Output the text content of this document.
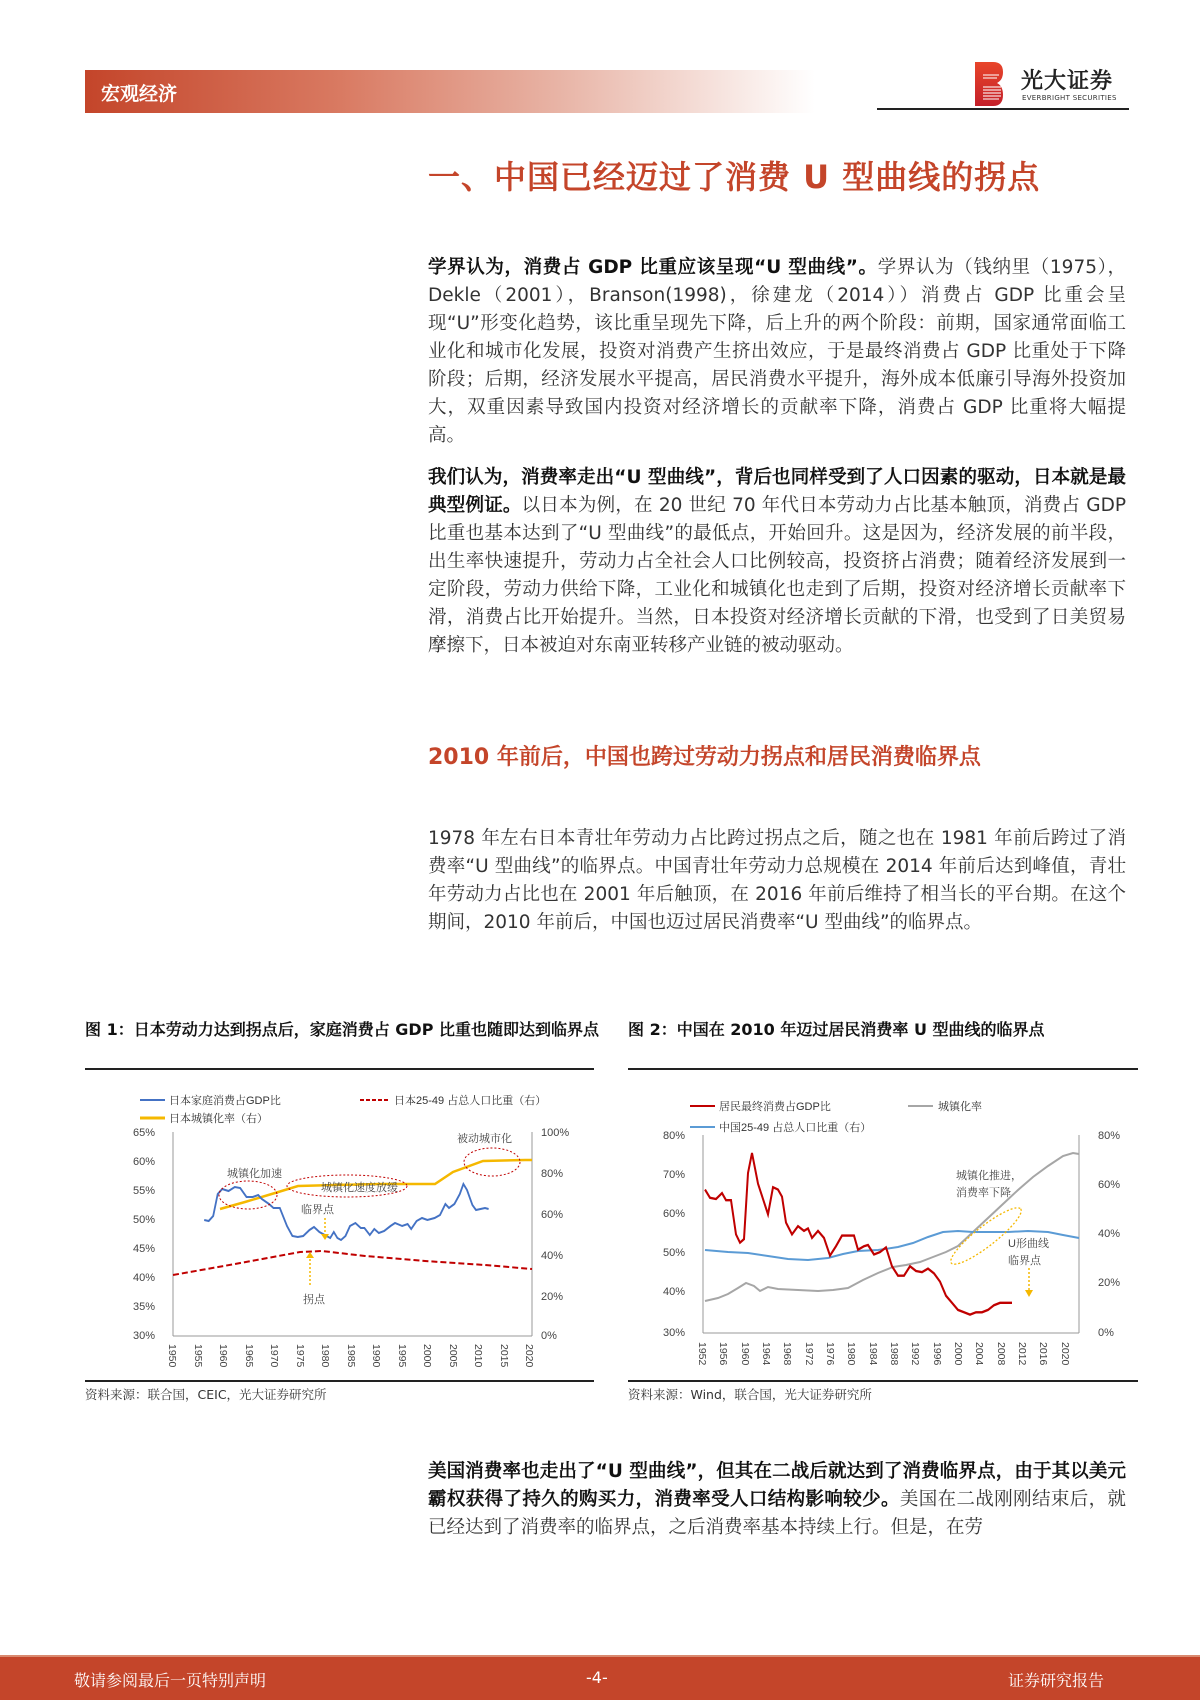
宏观经济	光大证券
EVERBRIGHT SECURITIES
一、中国已经迈过了消费 U 型曲线的拐点
学界认为，消费占 GDP 比重应该呈现“U 型曲线”。学界认为（钱纳里（1975），Dekle（2001），Branson(1998)，徐建龙（2014））消费占 GDP 比重会呈现“U”形变化趋势，该比重呈现先下降，后上升的两个阶段：前期，国家通常面临工业化和城市化发展，投资对消费产生挤出效应，于是最终消费占 GDP 比重处于下降阶段；后期，经济发展水平提高，居民消费水平提升，海外成本低廉引导海外投资加大，双重因素导致国内投资对经济增长的贡献率下降，消费占 GDP 比重将大幅提高。
我们认为，消费率走出“U 型曲线”，背后也同样受到了人口因素的驱动，日本就是最典型例证。以日本为例，在 20 世纪 70 年代日本劳动力占比基本触顶，消费占 GDP 比重也基本达到了“U 型曲线”的最低点，开始回升。这是因为，经济发展的前半段，出生率快速提升，劳动力占全社会人口比例较高，投资挤占消费；随着经济发展到一定阶段，劳动力供给下降，工业化和城镇化也走到了后期，投资对经济增长贡献率下滑，消费占比开始提升。当然，日本投资对经济增长贡献的下滑，也受到了日美贸易摩擦下，日本被迫对东南亚转移产业链的被动驱动。
2010 年前后，中国也跨过劳动力拐点和居民消费临界点
1978 年左右日本青壮年劳动力占比跨过拐点之后，随之也在 1981 年前后跨过了消费率“U 型曲线”的临界点。中国青壮年劳动力总规模在 2014 年前后达到峰值，青壮年劳动力占比也在 2001 年后触顶，在 2016 年前后维持了相当长的平台期。在这个期间，2010 年前后，中国也迈过居民消费率“U 型曲线”的临界点。
图 1：日本劳动力达到拐点后，家庭消费占 GDP 比重也随即达到临界点
日本家庭消费占GDP比	日本25-49 占总人口比重（右）
日本城镇化率（右）
65%
60%
55%
50%
45%
40%
35%
30%
100%
80%
60%
40%
20%
0%
1950 1955 1960 1965 1970 1975 1980 1985 1990 1995 2000 2005 2010 2015 2020
城镇化加速
城镇化速度放缓
被动城市化
临界点
拐点
资料来源：联合国，CEIC，光大证券研究所
图 2：中国在 2010 年迈过居民消费率 U 型曲线的临界点
居民最终消费占GDP比	城镇化率
中国25-49 占总人口比重（右）
80%
70%
60%
50%
40%
30%
80%
60%
40%
20%
0%
1952 1956 1960 1964 1968 1972 1976 1980 1984 1988 1992 1996 2000 2004 2008 2012 2016 2020
城镇化推进，
消费率下降
U形曲线
临界点
资料来源：Wind，联合国，光大证券研究所
美国消费率也走出了“U 型曲线”，但其在二战后就达到了消费临界点，由于其以美元霸权获得了持久的购买力，消费率受人口结构影响较少。美国在二战刚刚结束后，就已经达到了消费率的临界点，之后消费率基本持续上行。但是，在劳
敬请参阅最后一页特别声明	-4-	证券研究报告
